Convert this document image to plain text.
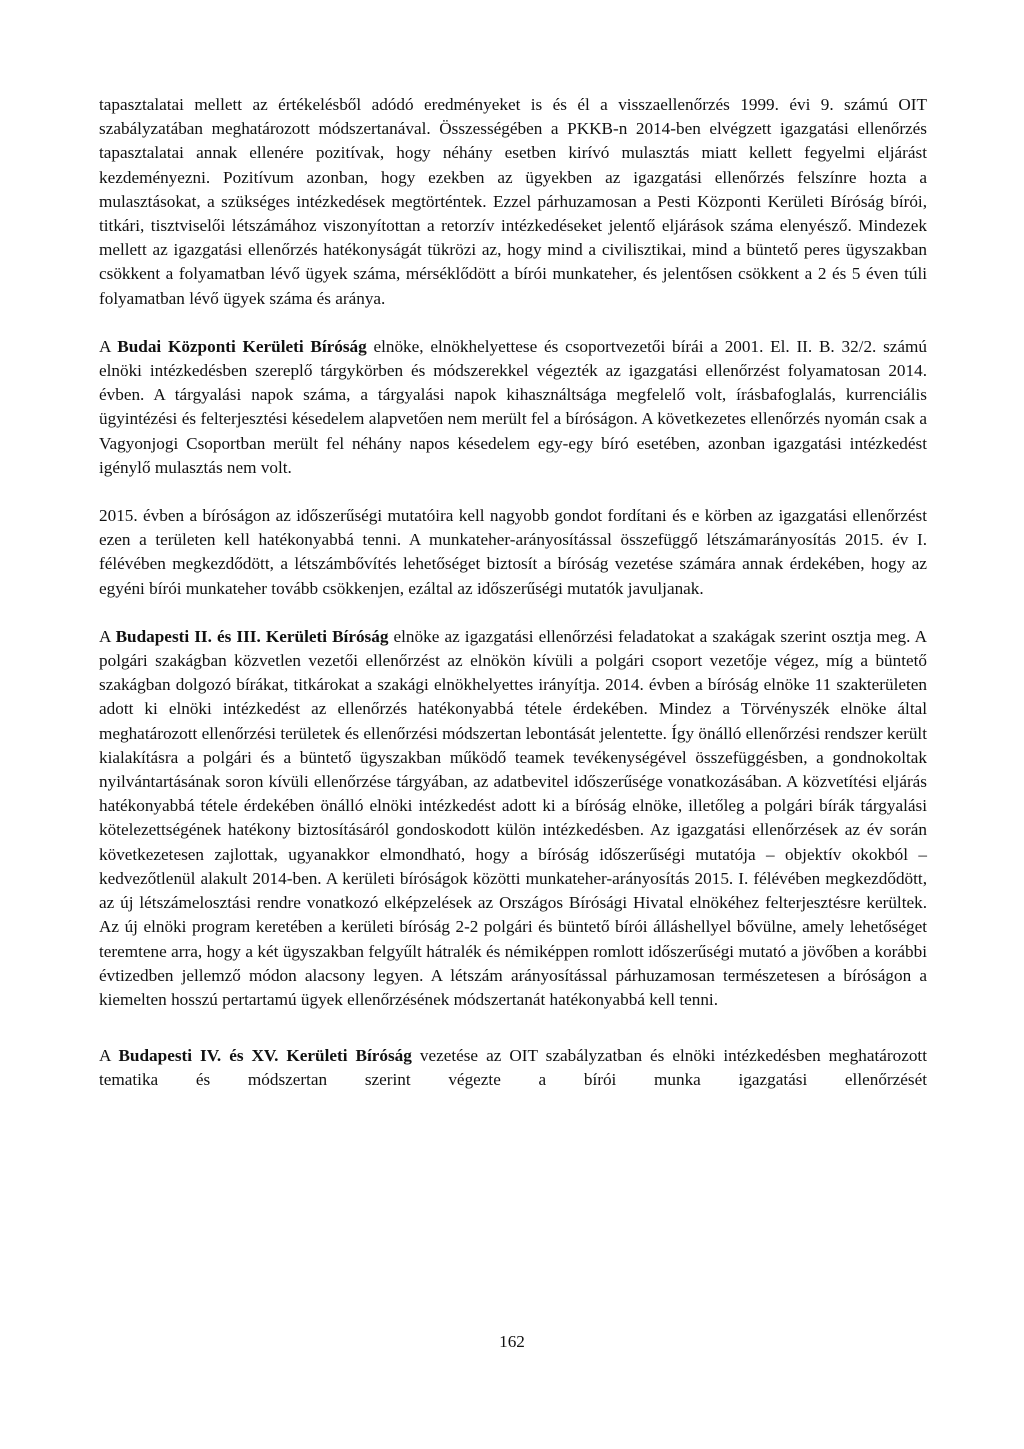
tapasztalatai mellett az értékelésből adódó eredményeket is és él a visszaellenőrzés 1999. évi 9. számú OIT szabályzatában meghatározott módszertanával. Összességében a PKKB-n 2014-ben elvégzett igazgatási ellenőrzés tapasztalatai annak ellenére pozitívak, hogy néhány esetben kirívó mulasztás miatt kellett fegyelmi eljárást kezdeményezni. Pozitívum azonban, hogy ezekben az ügyekben az igazgatási ellenőrzés felszínre hozta a mulasztásokat, a szükséges intézkedések megtörténtek. Ezzel párhuzamosan a Pesti Központi Kerületi Bíróság bírói, titkári, tisztviselői létszámához viszonyítottan a retorzív intézkedéseket jelentő eljárások száma elenyésző. Mindezek mellett az igazgatási ellenőrzés hatékonyságát tükrözi az, hogy mind a civilisztikai, mind a büntető peres ügyszakban csökkent a folyamatban lévő ügyek száma, mérséklődött a bírói munkateher, és jelentősen csökkent a 2 és 5 éven túli folyamatban lévő ügyek száma és aránya.

A Budai Központi Kerületi Bíróság elnöke, elnökhelyettese és csoportvezetői bírái a 2001. El. II. B. 32/2. számú elnöki intézkedésben szereplő tárgykörben és módszerekkel végezték az igazgatási ellenőrzést folyamatosan 2014. évben. A tárgyalási napok száma, a tárgyalási napok kihasználtsága megfelelő volt, írásbafoglalás, kurrenciális ügyintézési és felterjesztési késedelem alapvetően nem merült fel a bíróságon. A következetes ellenőrzés nyomán csak a Vagyonjogi Csoportban merült fel néhány napos késedelem egy-egy bíró esetében, azonban igazgatási intézkedést igénylő mulasztás nem volt.

2015. évben a bíróságon az időszerűségi mutatóira kell nagyobb gondot fordítani és e körben az igazgatási ellenőrzést ezen a területen kell hatékonyabbá tenni. A munkateher-arányosítással összefüggő létszámarányosítás 2015. év I. félévében megkezdődött, a létszámbővítés lehetőséget biztosít a bíróság vezetése számára annak érdekében, hogy az egyéni bírói munkateher tovább csökkenjen, ezáltal az időszerűségi mutatók javuljanak.

A Budapesti II. és III. Kerületi Bíróság elnöke az igazgatási ellenőrzési feladatokat a szakágak szerint osztja meg. A polgári szakágban közvetlen vezetői ellenőrzést az elnökön kívüli a polgári csoport vezetője végez, míg a büntető szakágban dolgozó bírákat, titkárokat a szakági elnökhelyettes irányítja. 2014. évben a bíróság elnöke 11 szakterületen adott ki elnöki intézkedést az ellenőrzés hatékonyabbá tétele érdekében. Mindez a Törvényszék elnöke által meghatározott ellenőrzési területek és ellenőrzési módszertan lebontását jelentette. Így önálló ellenőrzési rendszer került kialakításra a polgári és a büntető ügyszakban működő teamek tevékenységével összefüggésben, a gondnokoltak nyilvántartásának soron kívüli ellenőrzése tárgyában, az adatbevitel időszerűsége vonatkozásában. A közvetítési eljárás hatékonyabbá tétele érdekében önálló elnöki intézkedést adott ki a bíróság elnöke, illetőleg a polgári bírák tárgyalási kötelezettségének hatékony biztosításáról gondoskodott külön intézkedésben. Az igazgatási ellenőrzések az év során következetesen zajlottak, ugyanakkor elmondható, hogy a bíróság időszerűségi mutatója – objektív okokból – kedvezőtlenül alakult 2014-ben. A kerületi bíróságok közötti munkateher-arányosítás 2015. I. félévében megkezdődött, az új létszámelosztási rendre vonatkozó elképzelések az Országos Bírósági Hivatal elnökéhez felterjesztésre kerültek. Az új elnöki program keretében a kerületi bíróság 2-2 polgári és büntető bírói álláshellyel bővülne, amely lehetőséget teremtene arra, hogy a két ügyszakban felgyűlt hátralék és némiképpen romlott időszerűségi mutató a jövőben a korábbi évtizedben jellemző módon alacsony legyen. A létszám arányosítással párhuzamosan természetesen a bíróságon a kiemelten hosszú pertartamú ügyek ellenőrzésének módszertanát hatékonyabbá kell tenni.

A Budapesti IV. és XV. Kerületi Bíróság vezetése az OIT szabályzatban és elnöki intézkedésben meghatározott tematika és módszertan szerint végezte a bírói munka igazgatási ellenőrzését

162
